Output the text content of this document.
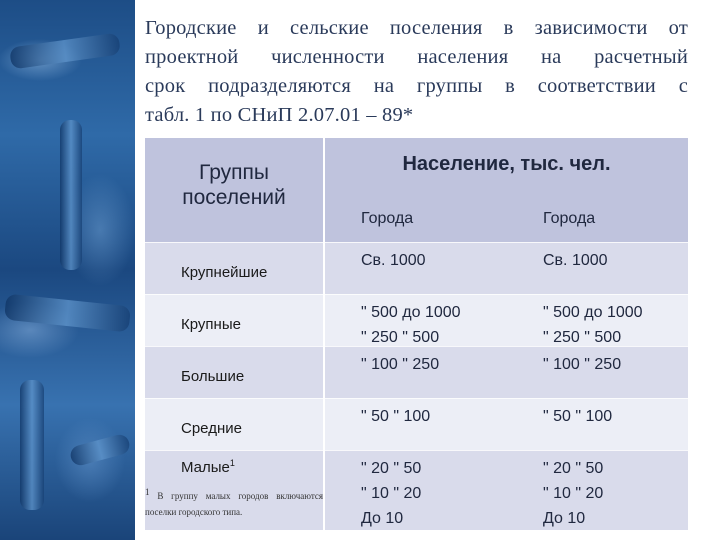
Городские и сельские поселения в зависимости от
проектной численности населения на расчетный
срок подразделяются на группы в соответствии с
табл. 1 по СНиП 2.07.01 – 89*
Группы поселений
Население, тыс. чел.
Города	Города
Крупнейшие
Крупные
Большие
Средние
Малые$^1$
$^1$ В группу малых городов включаются поселки городского типа.
Св. 1000
" 500 до 1000
" 250 " 500
" 100 " 250
" 50 " 100
" 20 " 50
" 10 " 20
До 10
Св. 1000
" 500 до 1000
" 250 " 500
" 100 " 250
" 50 " 100
" 20 " 50
" 10 " 20
До 10
